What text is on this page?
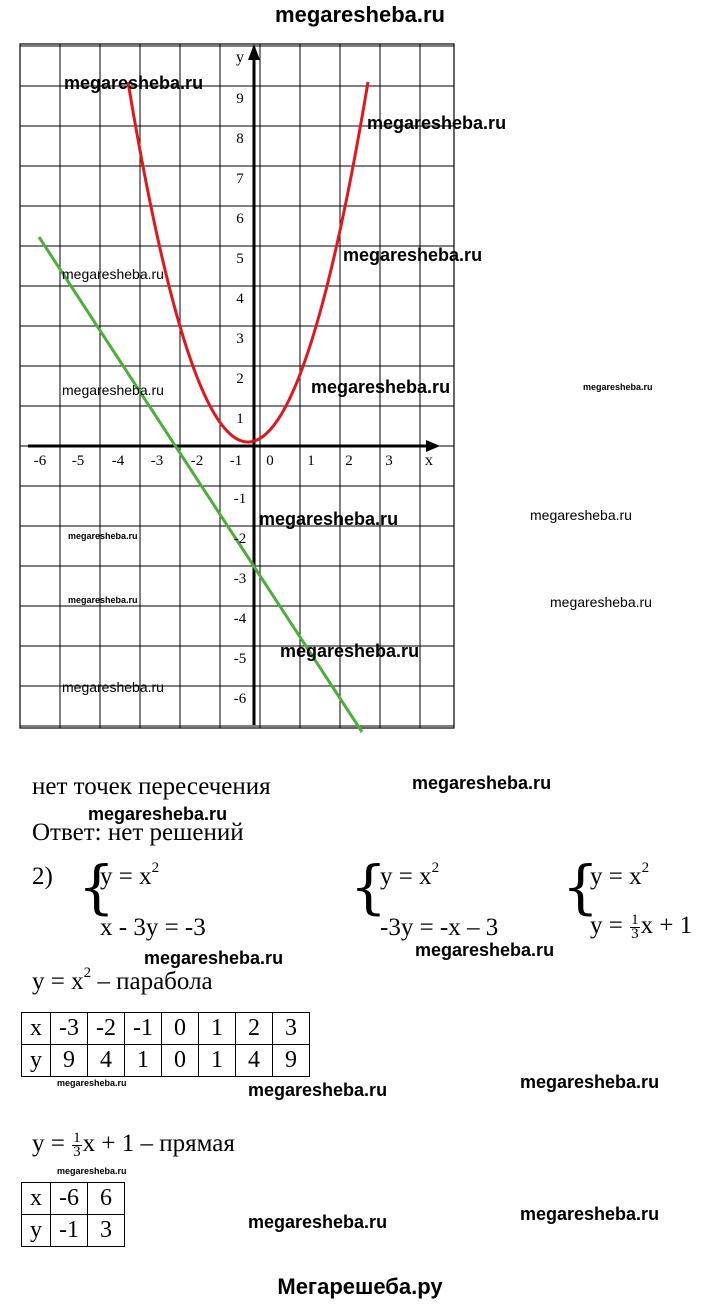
megaresheba.ru
-6 -5 -4 -3 -2 -1 0 1 2 3
1
2
3
4
5
6
7
8
9
-1
-2
-3
-4
-5
-6
x
y
megaresheba.ru
megaresheba.ru
megaresheba.ru
megaresheba.ru
megaresheba.ru
megaresheba.ru	megaresheba.ru
megaresheba.ru
megaresheba.ru
megaresheba.ru
megaresheba.ru	megaresheba.ru
megaresheba.ru
megaresheba.ru
нет точек пересечения	megaresheba.ru
megaresheba.ru
Ответ: нет решений
2) {
$y = x^2$
x - 3y = -3
{
$y = x^2$
-3y = -x – 3
{
$y = x^2$
$y = \frac{1}{3}$ x + 1
megaresheba.ru	megaresheba.ru
$y = x^2$ – парабола
x	-3	-2	-1	0	1	2	3
y	9	4	1	0	1	4	9
megaresheba.ru	megaresheba.ru	megaresheba.ru
$y = \frac{1}{3}$ x + 1 – прямая
megaresheba.ru
x	-6	6
y	-1	3	megaresheba.ru	megaresheba.ru
Мегарешеба.ру
